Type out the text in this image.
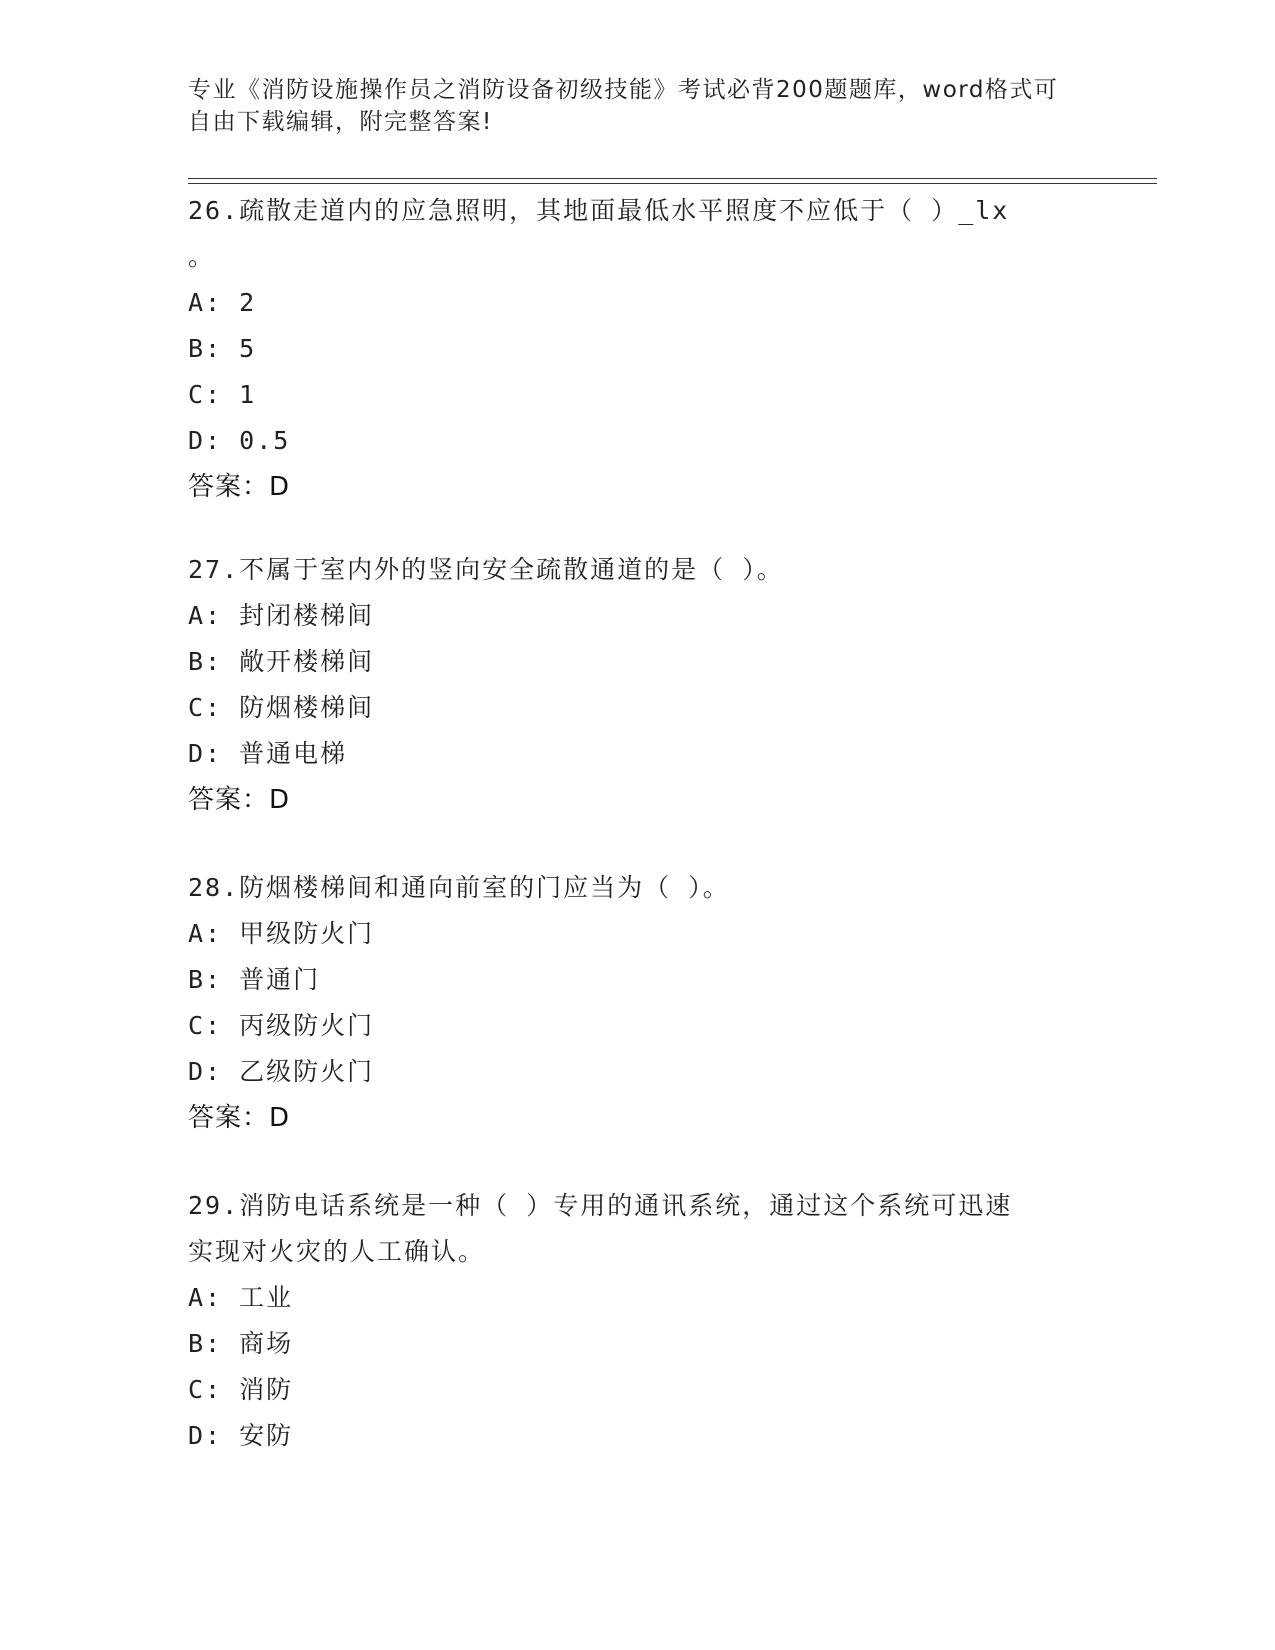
专业《消防设施操作员之消防设备初级技能》考试必背200题题库，word格式可

自由下载编辑，附完整答案!

26.疏散走道内的应急照明，其地面最低水平照度不应低于（ ）_lx
。
A: 2
B: 5
C: 1
D: 0.5
答案：D
27.不属于室内外的竖向安全疏散通道的是（ ）。
A: 封闭楼梯间
B: 敞开楼梯间
C: 防烟楼梯间
D: 普通电梯
答案：D
28.防烟楼梯间和通向前室的门应当为（ ）。
A: 甲级防火门
B: 普通门
C: 丙级防火门
D: 乙级防火门
答案：D
29.消防电话系统是一种（ ）专用的通讯系统，通过这个系统可迅速
实现对火灾的人工确认。
A: 工业
B: 商场
C: 消防
D: 安防
